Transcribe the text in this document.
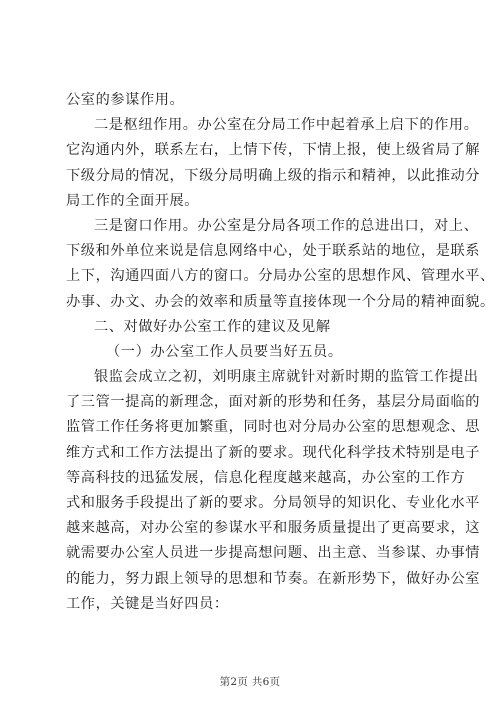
公室的参谋作用。
二是枢纽作用。办公室在分局工作中起着承上启下的作用。
它沟通内外，联系左右，上情下传，下情上报，使上级省局了解
下级分局的情况，下级分局明确上级的指示和精神，以此推动分
局工作的全面开展。
三是窗口作用。办公室是分局各项工作的总进出口，对上、
下级和外单位来说是信息网络中心，处于联系站的地位，是联系
上下，沟通四面八方的窗口。分局办公室的思想作风、管理水平、
办事、办文、办会的效率和质量等直接体现一个分局的精神面貌。
二、对做好办公室工作的建议及见解
（一）办公室工作人员要当好五员。
银监会成立之初，刘明康主席就针对新时期的监管工作提出
了三管一提高的新理念，面对新的形势和任务，基层分局面临的
监管工作任务将更加繁重，同时也对分局办公室的思想观念、思
维方式和工作方法提出了新的要求。现代化科学技术特别是电子
等高科技的迅猛发展，信息化程度越来越高，办公室的工作方
式和服务手段提出了新的要求。分局领导的知识化、专业化水平
越来越高，对办公室的参谋水平和服务质量提出了更高要求，这
就需要办公室人员进一步提高想问题、出主意、当参谋、办事情
的能力，努力跟上领导的思想和节奏。在新形势下，做好办公室
工作，关键是当好四员：
第2页 共6页
